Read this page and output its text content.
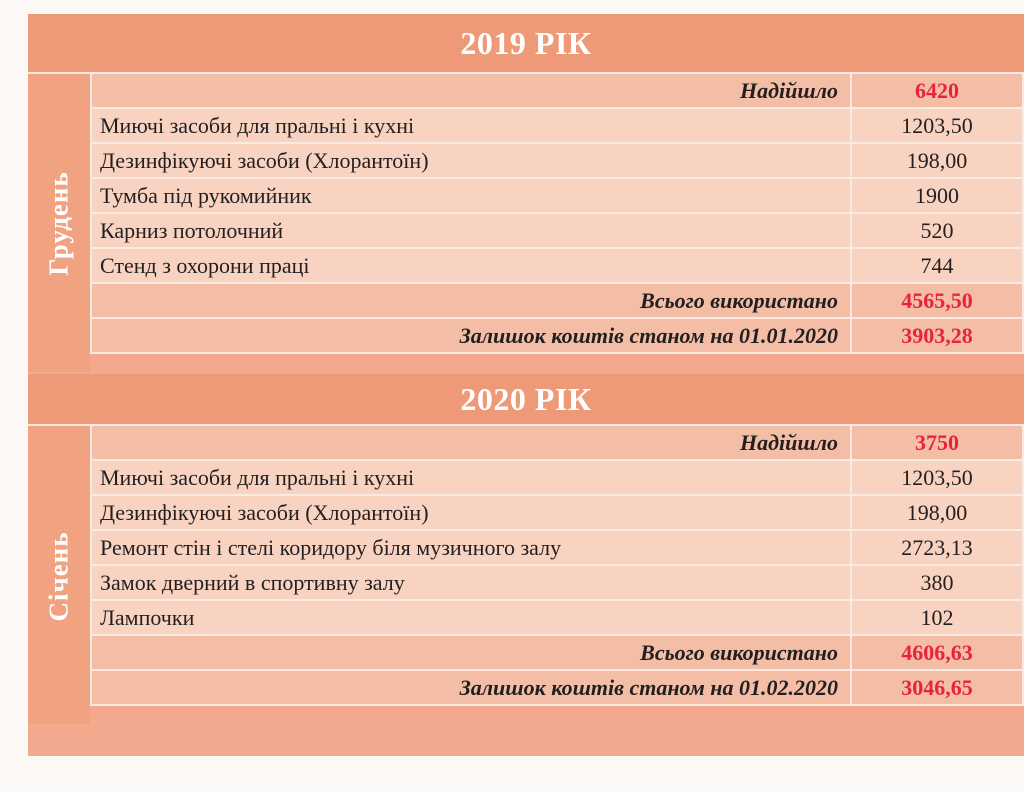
2019 РІК
Грудень
Надійшло	6420
Миючі засоби для пральні і кухні	1203,50
Дезинфікуючі засоби (Хлорантоїн)	198,00
Тумба під рукомийник	1900
Карниз потолочний	520
Стенд з охорони праці	744
Всього використано	4565,50
Залишок коштів станом на 01.01.2020	3903,28
2020 РІК
Січень
Надійшло	3750
Миючі засоби для пральні і кухні	1203,50
Дезинфікуючі засоби (Хлорантоїн)	198,00
Ремонт стін і стелі коридору біля музичного залу	2723,13
Замок дверний в спортивну залу	380
Лампочки	102
Всього використано	4606,63
Залишок коштів станом на 01.02.2020	3046,65
